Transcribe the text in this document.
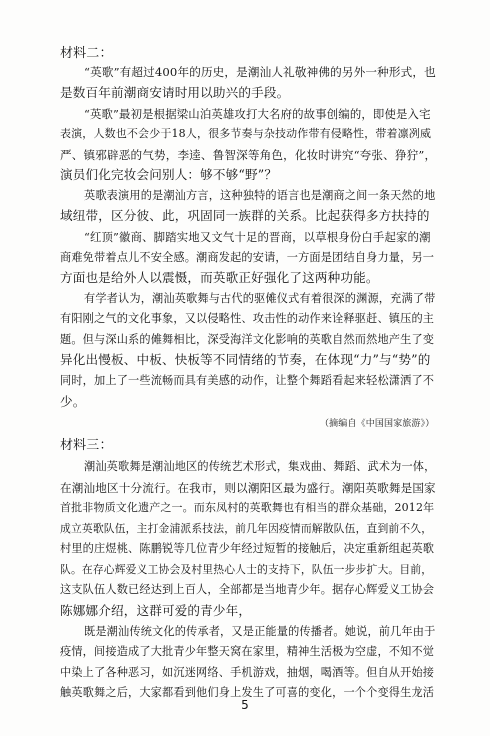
材料二：
“英歌”有超过400年的历史，是潮汕人礼敬神佛的另外一种形式，也
是数百年前潮商安请时用以助兴的手段。
“英歌”最初是根据梁山泊英雄攻打大名府的故事创编的，即使是入宅
表演，人数也不会少于18人，很多节奏与杂技动作带有侵略性，带着凛冽威
严、镇邪辟恶的气势，李逵、鲁智深等角色，化妆时讲究“夸张、狰狞”，
演员们化完妆会问别人：够不够“野”？
英歌表演用的是潮汕方言，这种独特的语言也是潮商之间一条天然的地
域纽带，区分彼、此，巩固同一族群的关系。比起获得多方扶持的
“红顶”徽商、脚踏实地又文气十足的晋商，以草根身份白手起家的潮
商难免带着点儿不安全感。潮商发起的安请，一方面是团结自身力量，另一
方面也是给外人以震慑，而英歌正好强化了这两种功能。
有学者认为，潮汕英歌舞与古代的驱傩仪式有着很深的渊源，充满了带
有阳刚之气的文化事象，又以侵略性、攻击性的动作来诠释驱赶、镇压的主
题。但与深山系的傩舞相比，深受海洋文化影响的英歌自然而然地产生了变
异化出慢板、中板、快板等不同情绪的节奏，在体现“力”与“势”的
同时，加上了一些流畅而具有美感的动作，让整个舞蹈看起来轻松潇洒了不
少。
（摘编自《中国国家旅游》）
材料三：
潮汕英歌舞是潮汕地区的传统艺术形式，集戏曲、舞蹈、武术为一体，
在潮汕地区十分流行。在我市，则以潮阳区最为盛行。潮阳英歌舞是国家
首批非物质文化遗产之一。而东凤村的英歌舞也有相当的群众基础，2012年
成立英歌队伍，主打金浦派系技法，前几年因疫情而解散队伍，直到前不久，
村里的庄煜桃、陈鹏锐等几位青少年经过短暂的接触后，决定重新组起英歌
队。在存心辉爱义工协会及村里热心人士的支持下，队伍一步步扩大。目前，
这支队伍人数已经达到上百人，全部都是当地青少年。据存心辉爱义工协会
陈娜娜介绍，这群可爱的青少年，
既是潮汕传统文化的传承者，又是正能量的传播者。她说，前几年由于
疫情，间接造成了大批青少年整天窝在家里，精神生活极为空虚，不知不觉
中染上了各种恶习，如沉迷网络、手机游戏，抽烟，喝酒等。但自从开始接
触英歌舞之后，大家都看到他们身上发生了可喜的变化，一个个变得生龙活
5
